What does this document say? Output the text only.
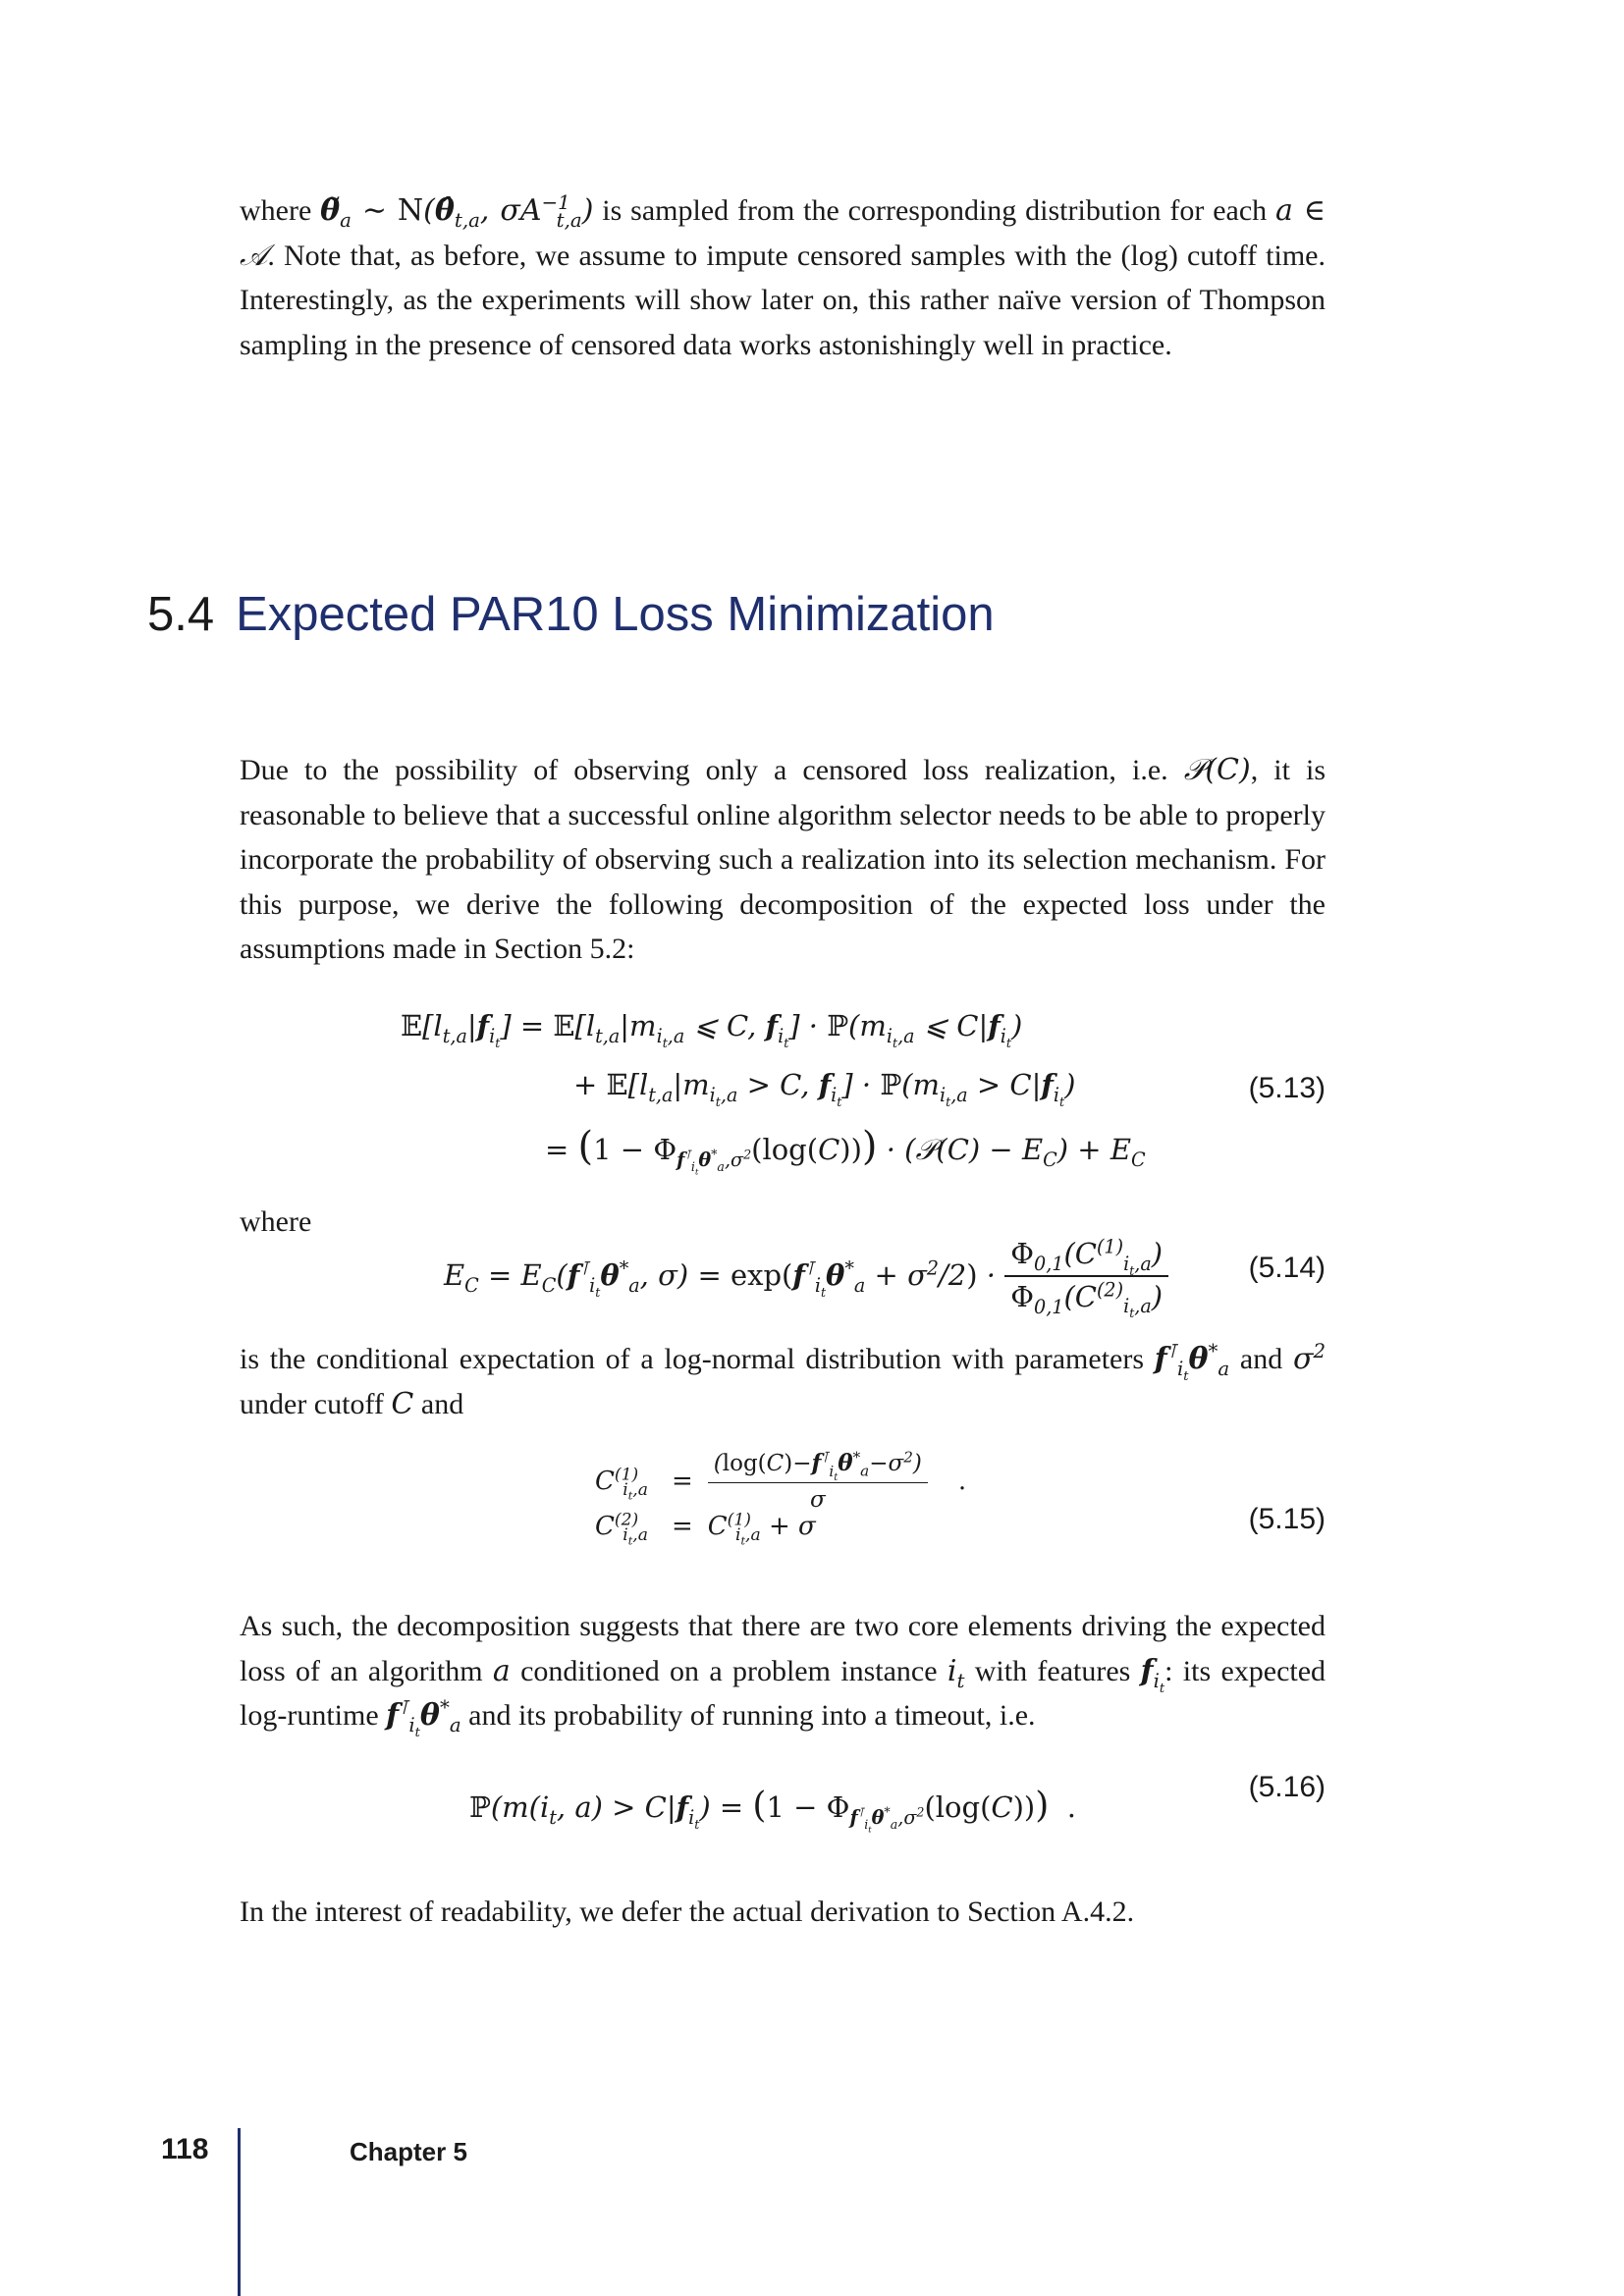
where $\thetã_a$ ∼ $N(\thetâ_{t,a}$, $\sigma A^{-1}_{t,a}$) is sampled from the corresponding distribution for each a ∈ 𝒜. Note that, as before, we assume to impute censored samples with the (log) cutoff time. Interestingly, as the experiments will show later on, this rather naïve version of Thompson sampling in the presence of censored data works astonishingly well in practice.

5.4 Expected PAR10 Loss Minimization

Due to the possibility of observing only a censored loss realization, i.e. 𝒫(C), it is reasonable to believe that a successful online algorithm selector needs to be able to properly incorporate the probability of observing such a realization into its selection mechanism. For this purpose, we derive the following decomposition of the expected loss under the assumptions made in Section 5.2:

$𝔼[l_{t,a}|f_{i_t}]$ = $𝔼[l_{t,a}|m_{i_t,a}$ ⩽ C, $f_{i_t}$] · $ℙ(m_{i_t,a}$ ⩽ $C|f_{i_t}$)
+ $𝔼[l_{t,a}|m_{i_t,a} > C$, $f_{i_t}$] · $ℙ(m_{i_t,a} > C|f_{i_t})$
= $(1 - \Phi_{f^⊺_{i_t}\theta^*_a,\sigma^2}(\log(C)))$ · (𝒫(C) − $E_C) + E_C$
(5.13)

where

$E_C = E_C(f^⊺_{i_t}\theta^*_a$, $\sigma) = \exp(f^⊺_{i_t}\theta^*_a + \sigma^2/2) \cdot \frac{\Phi_{0,1}(C^{(1)}_{i_t,a})}{\Phi_{0,1}(C^{(2)}_{i_t,a})}$	(5.14)

is the conditional expectation of a log-normal distribution with parameters $f^⊺_{i_t}\theta^*_a$ and $\sigma^2$ under cutoff C and

$C^{(1)}_{i_t,a}$	=	$\frac{(\log(C)-f^⊺_{i_t}\theta^*_a-\sigma^2)}{\sigma}$	.
$C^{(2)}_{i_t,a}$	=	$C^{(1)}_{i_t,a} + \sigma$		(5.15)

As such, the decomposition suggests that there are two core elements driving the expected loss of an algorithm a conditioned on a problem instance $i_t$ with features $f_{i_t}$: its expected log-runtime $f^⊺_{i_t}\theta^*_a$ and its probability of running into a timeout, i.e.

$ℙ(m(i_t$, $a) > C|f_{i_t}) = (1 - \Phi_{f^⊺_{i_t}\theta^*_a,\sigma^2}(\log(C)))$  .
(5.16)

In the interest of readability, we defer the actual derivation to Section A.4.2.

118	Chapter 5
